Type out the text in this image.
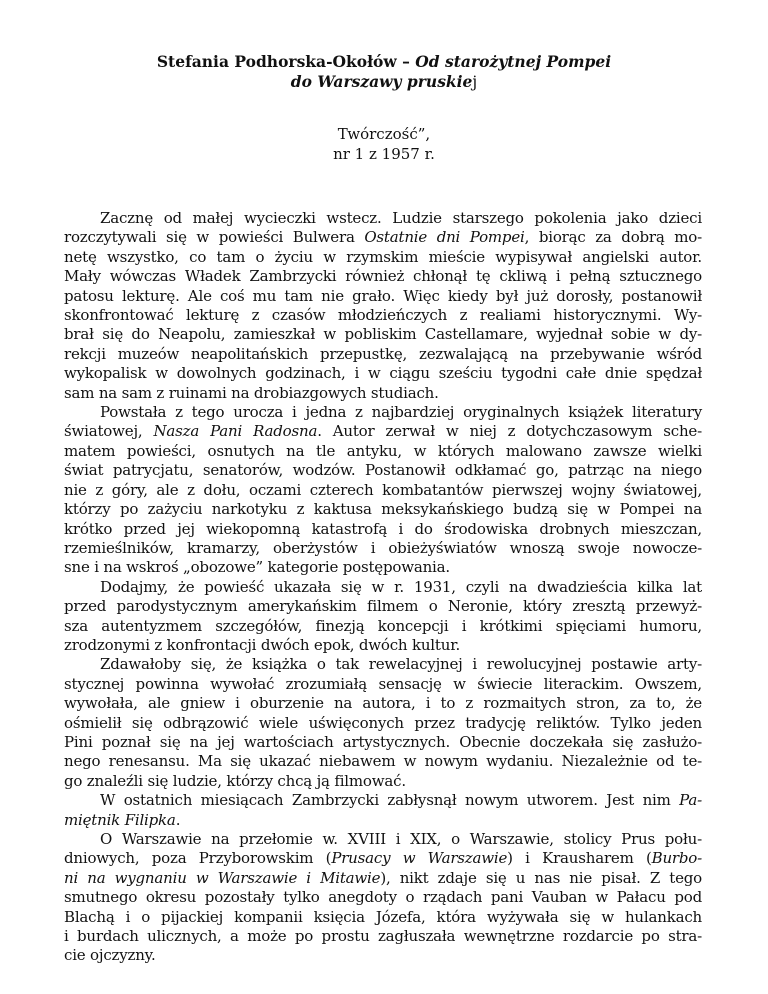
Stefania Podhorska-Okołów – Od starożytnej Pompei
do Warszawy pruskiej
Twórczość”,
nr 1 z 1957 r.
Zacznę od małej wycieczki wstecz. Ludzie starszego pokolenia jako dzieci
rozczytywali się w powieści Bulwera Ostatnie dni Pompei, biorąc za dobrą mo-
netę wszystko, co tam o życiu w rzymskim mieście wypisywał angielski autor.
Mały wówczas Władek Zambrzycki również chłonął tę ckliwą i pełną sztucznego
patosu lekturę. Ale coś mu tam nie grało. Więc kiedy był już dorosły, postanowił
skonfrontować lekturę z czasów młodzieńczych z realiami historycznymi. Wy-
brał się do Neapolu, zamieszkał w pobliskim Castellamare, wyjednał sobie w dy-
rekcji muzeów neapolitańskich przepustkę, zezwalającą na przebywanie wśród
wykopalisk w dowolnych godzinach, i w ciągu sześciu tygodni całe dnie spędzał
sam na sam z ruinami na drobiazgowych studiach.
Powstała z tego urocza i jedna z najbardziej oryginalnych książek literatury
światowej, Nasza Pani Radosna. Autor zerwał w niej z dotychczasowym sche-
matem powieści, osnutych na tle antyku, w których malowano zawsze wielki
świat patrycjatu, senatorów, wodzów. Postanowił odkłamać go, patrząc na niego
nie z góry, ale z dołu, oczami czterech kombatantów pierwszej wojny światowej,
którzy po zażyciu narkotyku z kaktusa meksykańskiego budzą się w Pompei na
krótko przed jej wiekopomną katastrofą i do środowiska drobnych mieszczan,
rzemieślników, kramarzy, oberżystów i obieżyświatów wnoszą swoje nowocze-
sne i na wskroś „obozowe” kategorie postępowania.
Dodajmy, że powieść ukazała się w r. 1931, czyli na dwadzieścia kilka lat
przed parodystycznym amerykańskim filmem o Neronie, który zresztą przewyż-
sza autentyzmem szczegółów, finezją koncepcji i krótkimi spięciami humoru,
zrodzonymi z konfrontacji dwóch epok, dwóch kultur.
Zdawałoby się, że książka o tak rewelacyjnej i rewolucyjnej postawie arty-
stycznej powinna wywołać zrozumiałą sensację w świecie literackim. Owszem,
wywołała, ale gniew i oburzenie na autora, i to z rozmaitych stron, za to, że
ośmielił się odbrązowić wiele uświęconych przez tradycję reliktów. Tylko jeden
Pini poznał się na jej wartościach artystycznych. Obecnie doczekała się zasłużo-
nego renesansu. Ma się ukazać niebawem w nowym wydaniu. Niezależnie od te-
go znaleźli się ludzie, którzy chcą ją filmować.
W ostatnich miesiącach Zambrzycki zabłysnął nowym utworem. Jest nim Pa-
miętnik Filipka.
O Warszawie na przełomie w. XVIII i XIX, o Warszawie, stolicy Prus połu-
dniowych, poza Przyborowskim (Prusacy w Warszawie) i Krausharem (Burbo-
ni na wygnaniu w Warszawie i Mitawie), nikt zdaje się u nas nie pisał. Z tego
smutnego okresu pozostały tylko anegdoty o rządach pani Vauban w Pałacu pod
Blachą i o pijackiej kompanii księcia Józefa, która wyżywała się w hulankach
i burdach ulicznych, a może po prostu zagłuszała wewnętrzne rozdarcie po stra-
cie ojczyzny.
